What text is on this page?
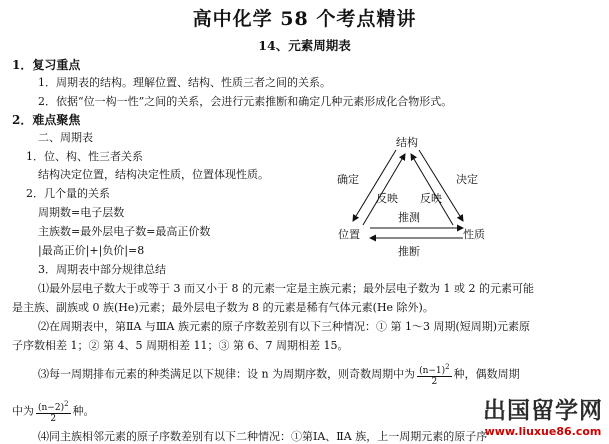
高中化学 58 个考点精讲
14、元素周期表
1．复习重点
1．周期表的结构。理解位置、结构、性质三者之间的关系。
2．依据“位一构一性”之间的关系，会进行元素推断和确定几种元素形成化合物形式。
2．难点聚焦
二、周期表
1．位、构、性三者关系
结构决定位置，结构决定性质，位置体现性质。
2．几个量的关系
周期数=电子层数
主族数=最外层电子数=最高正价数
|最高正价|+|负价|=8
3．周期表中部分规律总结
结构
位置	性质
确定	决定
反映 反映
推测
推断
⑴最外层电子数大于或等于 3 而又小于 8 的元素一定是主族元素；最外层电子数为 1 或 2 的元素可能
是主族、副族或 0 族(He)元素；最外层电子数为 8 的元素是稀有气体元素(He 除外)。
⑵在周期表中，第ⅡA 与ⅢA 族元素的原子序数差别有以下三种情况：① 第 1～3 周期(短周期)元素原
子序数相差 1；② 第 4、5 周期相差 11；③ 第 6、7 周期相差 15。
⑶每一周期排布元素的种类满足以下规律：设 n 为周期序数，则奇数周期中为 $\frac{(n-1)^2}{2}$ 种，偶数周期
中为 $\frac{(n-2)^2}{2}$ 种。
⑷同主族相邻元素的原子序数差别有以下二种情况：①第ⅠA、ⅡA 族，上一周期元素的原子序
出国留学网
www.liuxue86.com
